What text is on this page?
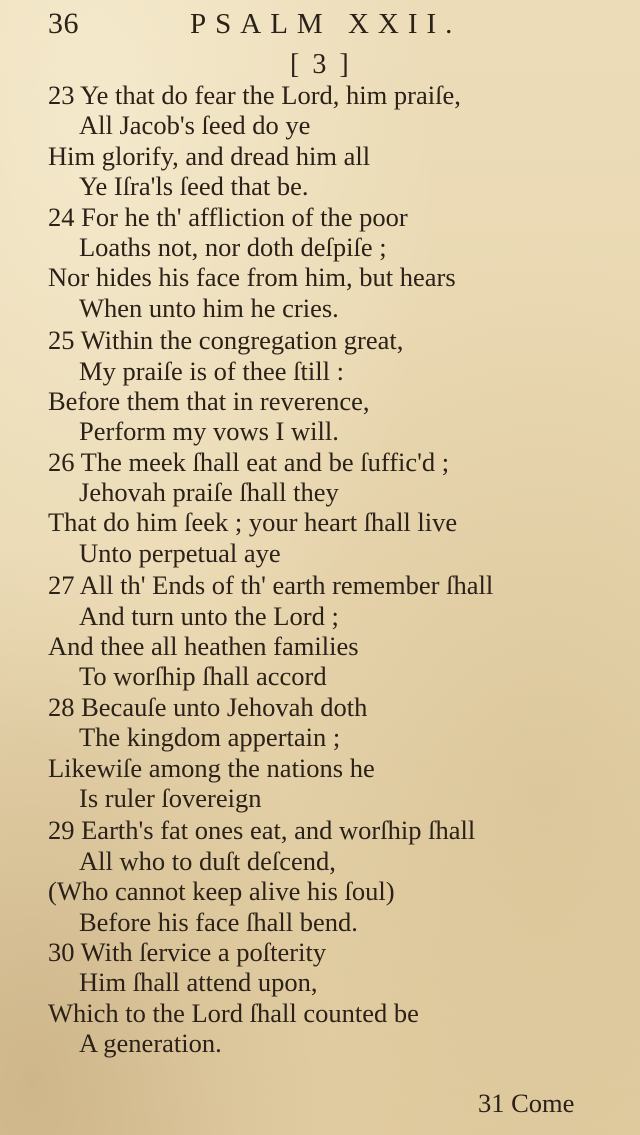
36	PSALM XXII.
[ 3 ]
23 Ye that do fear the Lord, him praiſe,
All Jacob's ſeed do ye
Him glorify, and dread him all
Ye Iſra'ls ſeed that be.
24 For he th' affliction of the poor
Loaths not, nor doth deſpiſe ;
Nor hides his face from him, but hears
When unto him he cries.
25 Within the congregation great,
My praiſe is of thee ſtill :
Before them that in reverence,
Perform my vows I will.
26 The meek ſhall eat and be ſuffic'd ;
Jehovah praiſe ſhall they
That do him ſeek ; your heart ſhall live
Unto perpetual aye
27 All th' Ends of th' earth remember ſhall
And turn unto the Lord ;
And thee all heathen families
To worſhip ſhall accord
28 Becauſe unto Jehovah doth
The kingdom appertain ;
Likewiſe among the nations he
Is ruler ſovereign
29 Earth's fat ones eat, and worſhip ſhall
All who to duſt deſcend,
(Who cannot keep alive his ſoul)
Before his face ſhall bend.
30 With ſervice a poſterity
Him ſhall attend upon,
Which to the Lord ſhall counted be
A generation.
31 Come
